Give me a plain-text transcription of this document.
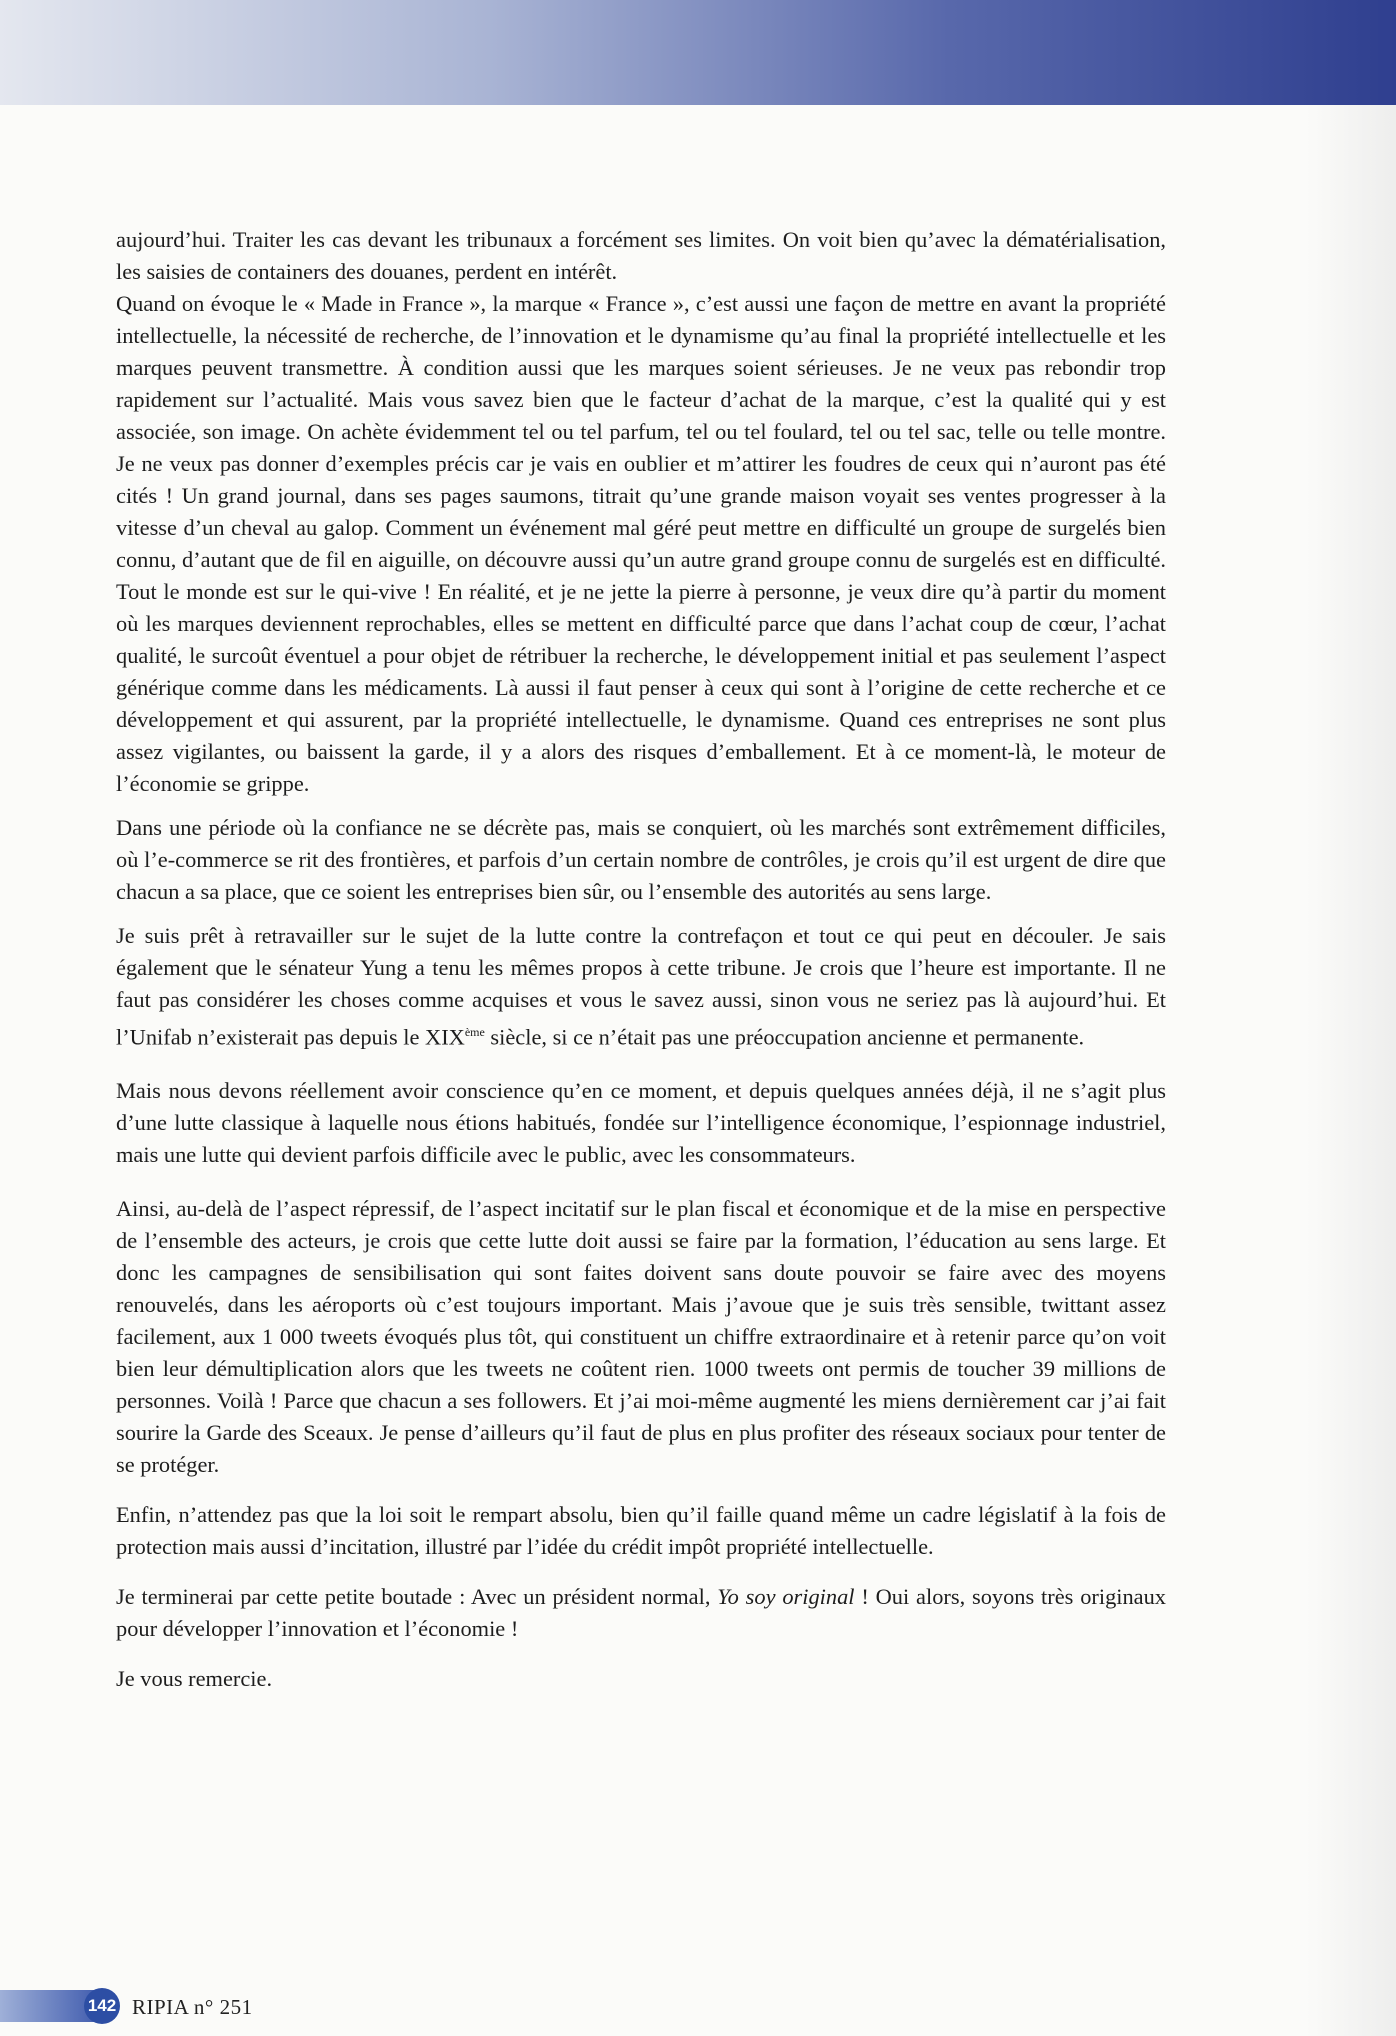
aujourd’hui. Traiter les cas devant les tribunaux a forcément ses limites. On voit bien qu’avec la dématérialisation, les saisies de containers des douanes, perdent en intérêt.

Quand on évoque le « Made in France », la marque « France », c’est aussi une façon de mettre en avant la propriété intellectuelle, la nécessité de recherche, de l’innovation et le dynamisme qu’au final la propriété intellectuelle et les marques peuvent transmettre. À condition aussi que les marques soient sérieuses. Je ne veux pas rebondir trop rapidement sur l’actualité. Mais vous savez bien que le facteur d’achat de la marque, c’est la qualité qui y est associée, son image. On achète évidemment tel ou tel parfum, tel ou tel foulard, tel ou tel sac, telle ou telle montre. Je ne veux pas donner d’exemples précis car je vais en oublier et m’attirer les foudres de ceux qui n’auront pas été cités ! Un grand journal, dans ses pages saumons, titrait qu’une grande maison voyait ses ventes progresser à la vitesse d’un cheval au galop. Comment un événement mal géré peut mettre en difficulté un groupe de surgelés bien connu, d’autant que de fil en aiguille, on découvre aussi qu’un autre grand groupe connu de surgelés est en difficulté. Tout le monde est sur le qui-vive ! En réalité, et je ne jette la pierre à personne, je veux dire qu’à partir du moment où les marques deviennent reprochables, elles se mettent en difficulté parce que dans l’achat coup de cœur, l’achat qualité, le surcoût éventuel a pour objet de rétribuer la recherche, le développement initial et pas seulement l’aspect générique comme dans les médicaments. Là aussi il faut penser à ceux qui sont à l’origine de cette recherche et ce développement et qui assurent, par la propriété intellectuelle, le dynamisme. Quand ces entreprises ne sont plus assez vigilantes, ou baissent la garde, il y a alors des risques d’emballement. Et à ce moment-là, le moteur de l’économie se grippe.

Dans une période où la confiance ne se décrète pas, mais se conquiert, où les marchés sont extrêmement difficiles, où l’e-commerce se rit des frontières, et parfois d’un certain nombre de contrôles, je crois qu’il est urgent de dire que chacun a sa place, que ce soient les entreprises bien sûr, ou l’ensemble des autorités au sens large.

Je suis prêt à retravailler sur le sujet de la lutte contre la contrefaçon et tout ce qui peut en découler. Je sais également que le sénateur Yung a tenu les mêmes propos à cette tribune. Je crois que l’heure est importante. Il ne faut pas considérer les choses comme acquises et vous le savez aussi, sinon vous ne seriez pas là aujourd’hui. Et l’Unifab n’existerait pas depuis le XIXème siècle, si ce n’était pas une préoccupation ancienne et permanente.

Mais nous devons réellement avoir conscience qu’en ce moment, et depuis quelques années déjà, il ne s’agit plus d’une lutte classique à laquelle nous étions habitués, fondée sur l’intelligence économique, l’espionnage industriel, mais une lutte qui devient parfois difficile avec le public, avec les consommateurs.

Ainsi, au-delà de l’aspect répressif, de l’aspect incitatif sur le plan fiscal et économique et de la mise en perspective de l’ensemble des acteurs, je crois que cette lutte doit aussi se faire par la formation, l’éducation au sens large. Et donc les campagnes de sensibilisation qui sont faites doivent sans doute pouvoir se faire avec des moyens renouvelés, dans les aéroports où c’est toujours important. Mais j’avoue que je suis très sensible, twittant assez facilement, aux 1 000 tweets évoqués plus tôt, qui constituent un chiffre extraordinaire et à retenir parce qu’on voit bien leur démultiplication alors que les tweets ne coûtent rien. 1000 tweets ont permis de toucher 39 millions de personnes. Voilà ! Parce que chacun a ses followers. Et j’ai moi-même augmenté les miens dernièrement car j’ai fait sourire la Garde des Sceaux. Je pense d’ailleurs qu’il faut de plus en plus profiter des réseaux sociaux pour tenter de se protéger.

Enfin, n’attendez pas que la loi soit le rempart absolu, bien qu’il faille quand même un cadre législatif à la fois de protection mais aussi d’incitation, illustré par l’idée du crédit impôt propriété intellectuelle.

Je terminerai par cette petite boutade : Avec un président normal, Yo soy original ! Oui alors, soyons très originaux pour développer l’innovation et l’économie !

Je vous remercie.

142 RIPIA n° 251
